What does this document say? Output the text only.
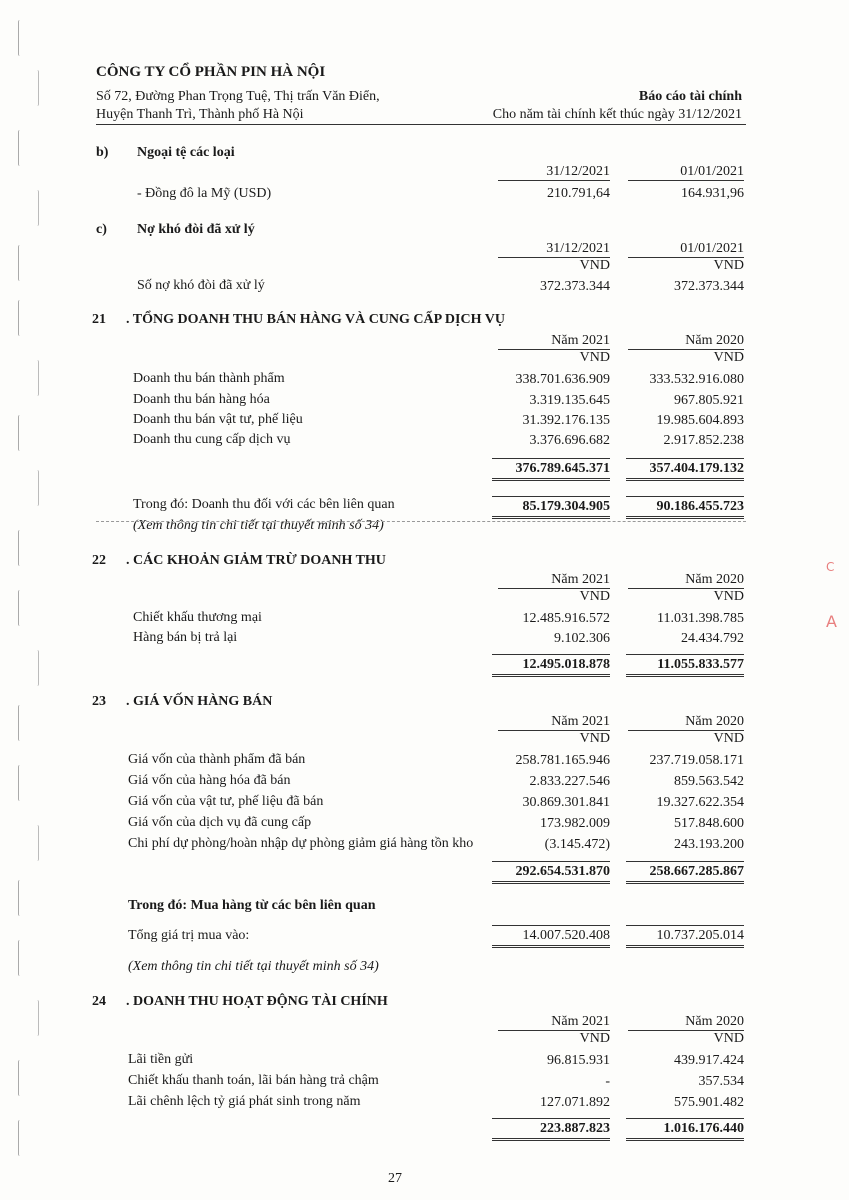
C
A
CÔNG TY CỔ PHẦN PIN HÀ NỘI
Số 72, Đường Phan Trọng Tuệ, Thị trấn Văn Điển,
Huyện Thanh Trì, Thành phố Hà Nội
Báo cáo tài chính
Cho năm tài chính kết thúc ngày 31/12/2021
b) Ngoại tệ các loại
31/12/2021	01/01/2021
- Đồng đô la Mỹ (USD)	210.791,64	164.931,96
c) Nợ khó đòi đã xử lý
31/12/2021	01/01/2021
VND	VND
Số nợ khó đòi đã xử lý	372.373.344	372.373.344
21 . TỔNG DOANH THU BÁN HÀNG VÀ CUNG CẤP DỊCH VỤ
Năm 2021	Năm 2020
VND	VND
Doanh thu bán thành phẩm	338.701.636.909	333.532.916.080
Doanh thu bán hàng hóa	3.319.135.645	967.805.921
Doanh thu bán vật tư, phế liệu	31.392.176.135	19.985.604.893
Doanh thu cung cấp dịch vụ	3.376.696.682	2.917.852.238
376.789.645.371	357.404.179.132
Trong đó: Doanh thu đối với các bên liên quan	85.179.304.905	90.186.455.723
(Xem thông tin chi tiết tại thuyết minh số 34)
22 . CÁC KHOẢN GIẢM TRỪ DOANH THU
Năm 2021	Năm 2020
VND	VND
Chiết khấu thương mại	12.485.916.572	11.031.398.785
Hàng bán bị trả lại	9.102.306	24.434.792
12.495.018.878	11.055.833.577
23 . GIÁ VỐN HÀNG BÁN
Năm 2021	Năm 2020
VND	VND
Giá vốn của thành phẩm đã bán	258.781.165.946	237.719.058.171
Giá vốn của hàng hóa đã bán	2.833.227.546	859.563.542
Giá vốn của vật tư, phế liệu đã bán	30.869.301.841	19.327.622.354
Giá vốn của dịch vụ đã cung cấp	173.982.009	517.848.600
Chi phí dự phòng/hoàn nhập dự phòng giảm giá hàng tồn kho	(3.145.472)	243.193.200
292.654.531.870	258.667.285.867
Trong đó: Mua hàng từ các bên liên quan
Tổng giá trị mua vào:	14.007.520.408	10.737.205.014
(Xem thông tin chi tiết tại thuyết minh số 34)
24 . DOANH THU HOẠT ĐỘNG TÀI CHÍNH
Năm 2021	Năm 2020
VND	VND
Lãi tiền gửi	96.815.931	439.917.424
Chiết khấu thanh toán, lãi bán hàng trả chậm	-	357.534
Lãi chênh lệch tỷ giá phát sinh trong năm	127.071.892	575.901.482
223.887.823	1.016.176.440
27
